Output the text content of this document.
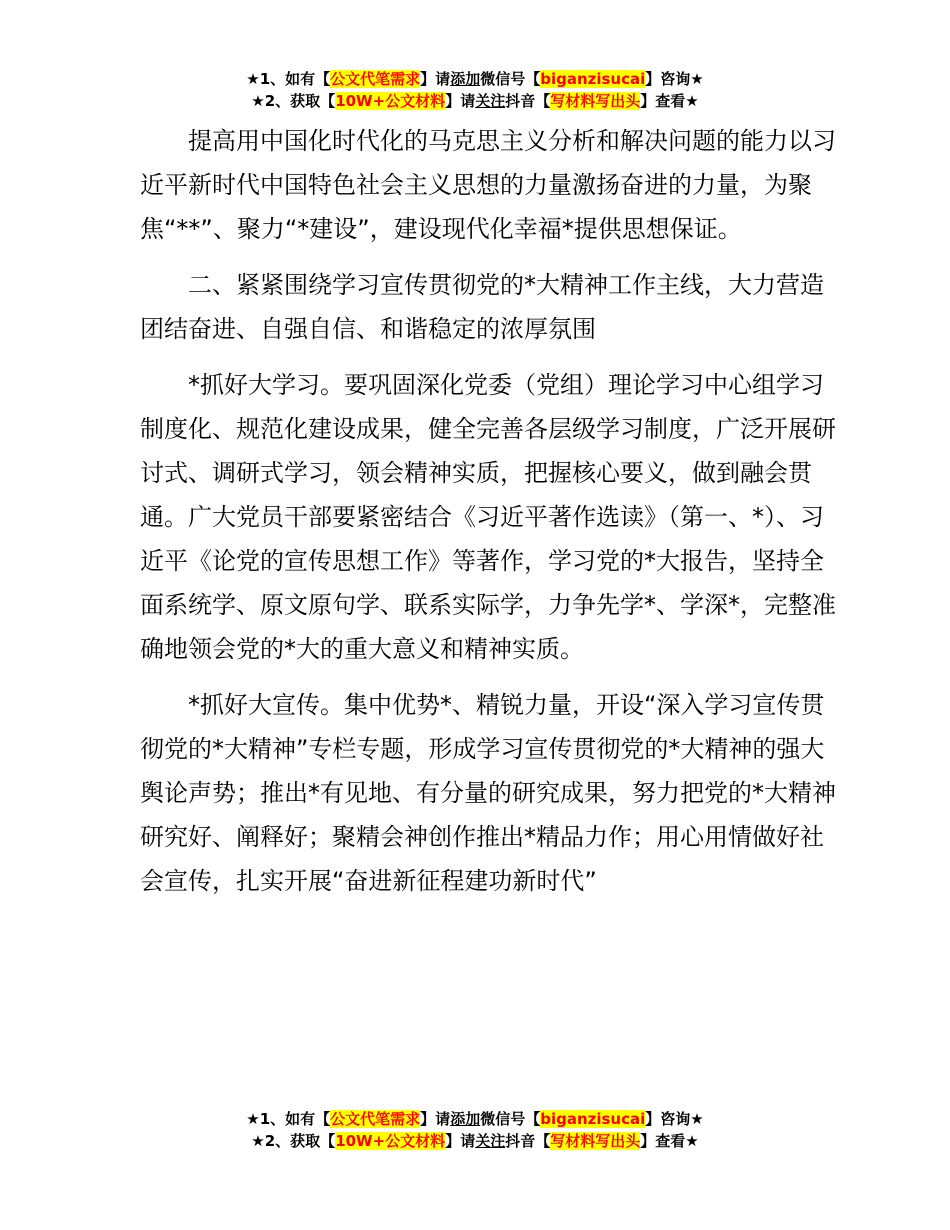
★1、如有【公文代笔需求】请添加微信号【biganzisucai】咨询★
★2、获取【10W+公文材料】请关注抖音【写材料写出头】查看★

提高用中国化时代化的马克思主义分析和解决问题的能力以习近平新时代中国特色社会主义思想的力量激扬奋进的力量，为聚焦“**”、聚力“*建设”，建设现代化幸福*提供思想保证。

二、紧紧围绕学习宣传贯彻党的*大精神工作主线，大力营造团结奋进、自强自信、和谐稳定的浓厚氛围

*抓好大学习。要巩固深化党委（党组）理论学习中心组学习制度化、规范化建设成果，健全完善各层级学习制度，广泛开展研讨式、调研式学习，领会精神实质，把握核心要义，做到融会贯通。广大党员干部要紧密结合《习近平著作选读》（第一、*）、习近平《论党的宣传思想工作》等著作，学习党的*大报告，坚持全面系统学、原文原句学、联系实际学，力争先学*、学深*，完整准确地领会党的*大的重大意义和精神实质。

*抓好大宣传。集中优势*、精锐力量，开设“深入学习宣传贯彻党的*大精神”专栏专题，形成学习宣传贯彻党的*大精神的强大舆论声势；推出*有见地、有分量的研究成果，努力把党的*大精神研究好、阐释好；聚精会神创作推出*精品力作；用心用情做好社会宣传，扎实开展“奋进新征程建功新时代”

★1、如有【公文代笔需求】请添加微信号【biganzisucai】咨询★
★2、获取【10W+公文材料】请关注抖音【写材料写出头】查看★
